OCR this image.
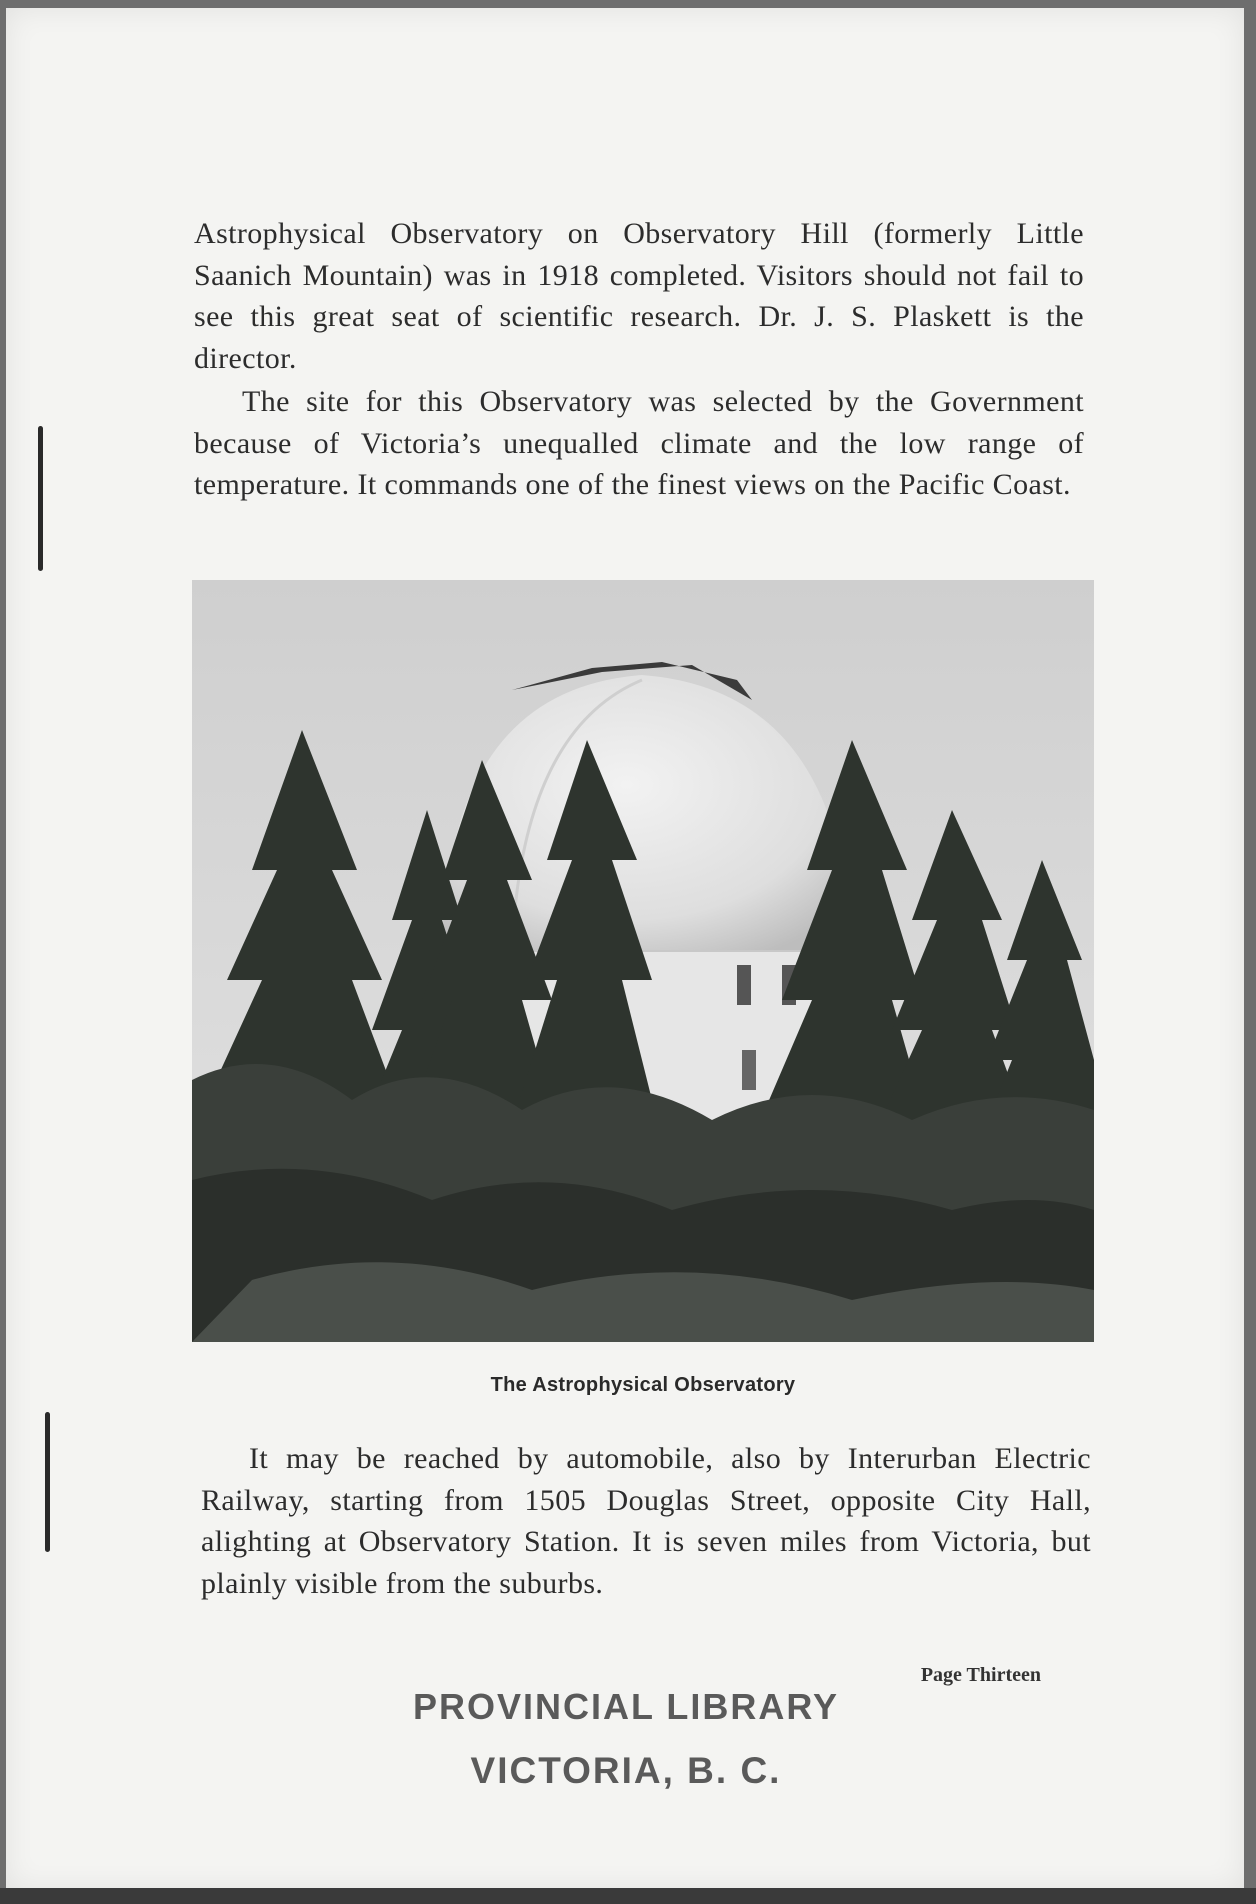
Astrophysical Observatory on Observatory Hill (formerly Little Saanich Mountain) was in 1918 completed. Visitors should not fail to see this great seat of scientific research. Dr. J. S. Plaskett is the director.

The site for this Observatory was selected by the Government because of Victoria’s unequalled climate and the low range of temperature. It commands one of the finest views on the Pacific Coast.

The Astrophysical Observatory

It may be reached by automobile, also by Interurban Electric Railway, starting from 1505 Douglas Street, opposite City Hall, alighting at Observatory Station. It is seven miles from Victoria, but plainly visible from the suburbs.

Page Thirteen
PROVINCIAL LIBRARY
VICTORIA, B. C.
